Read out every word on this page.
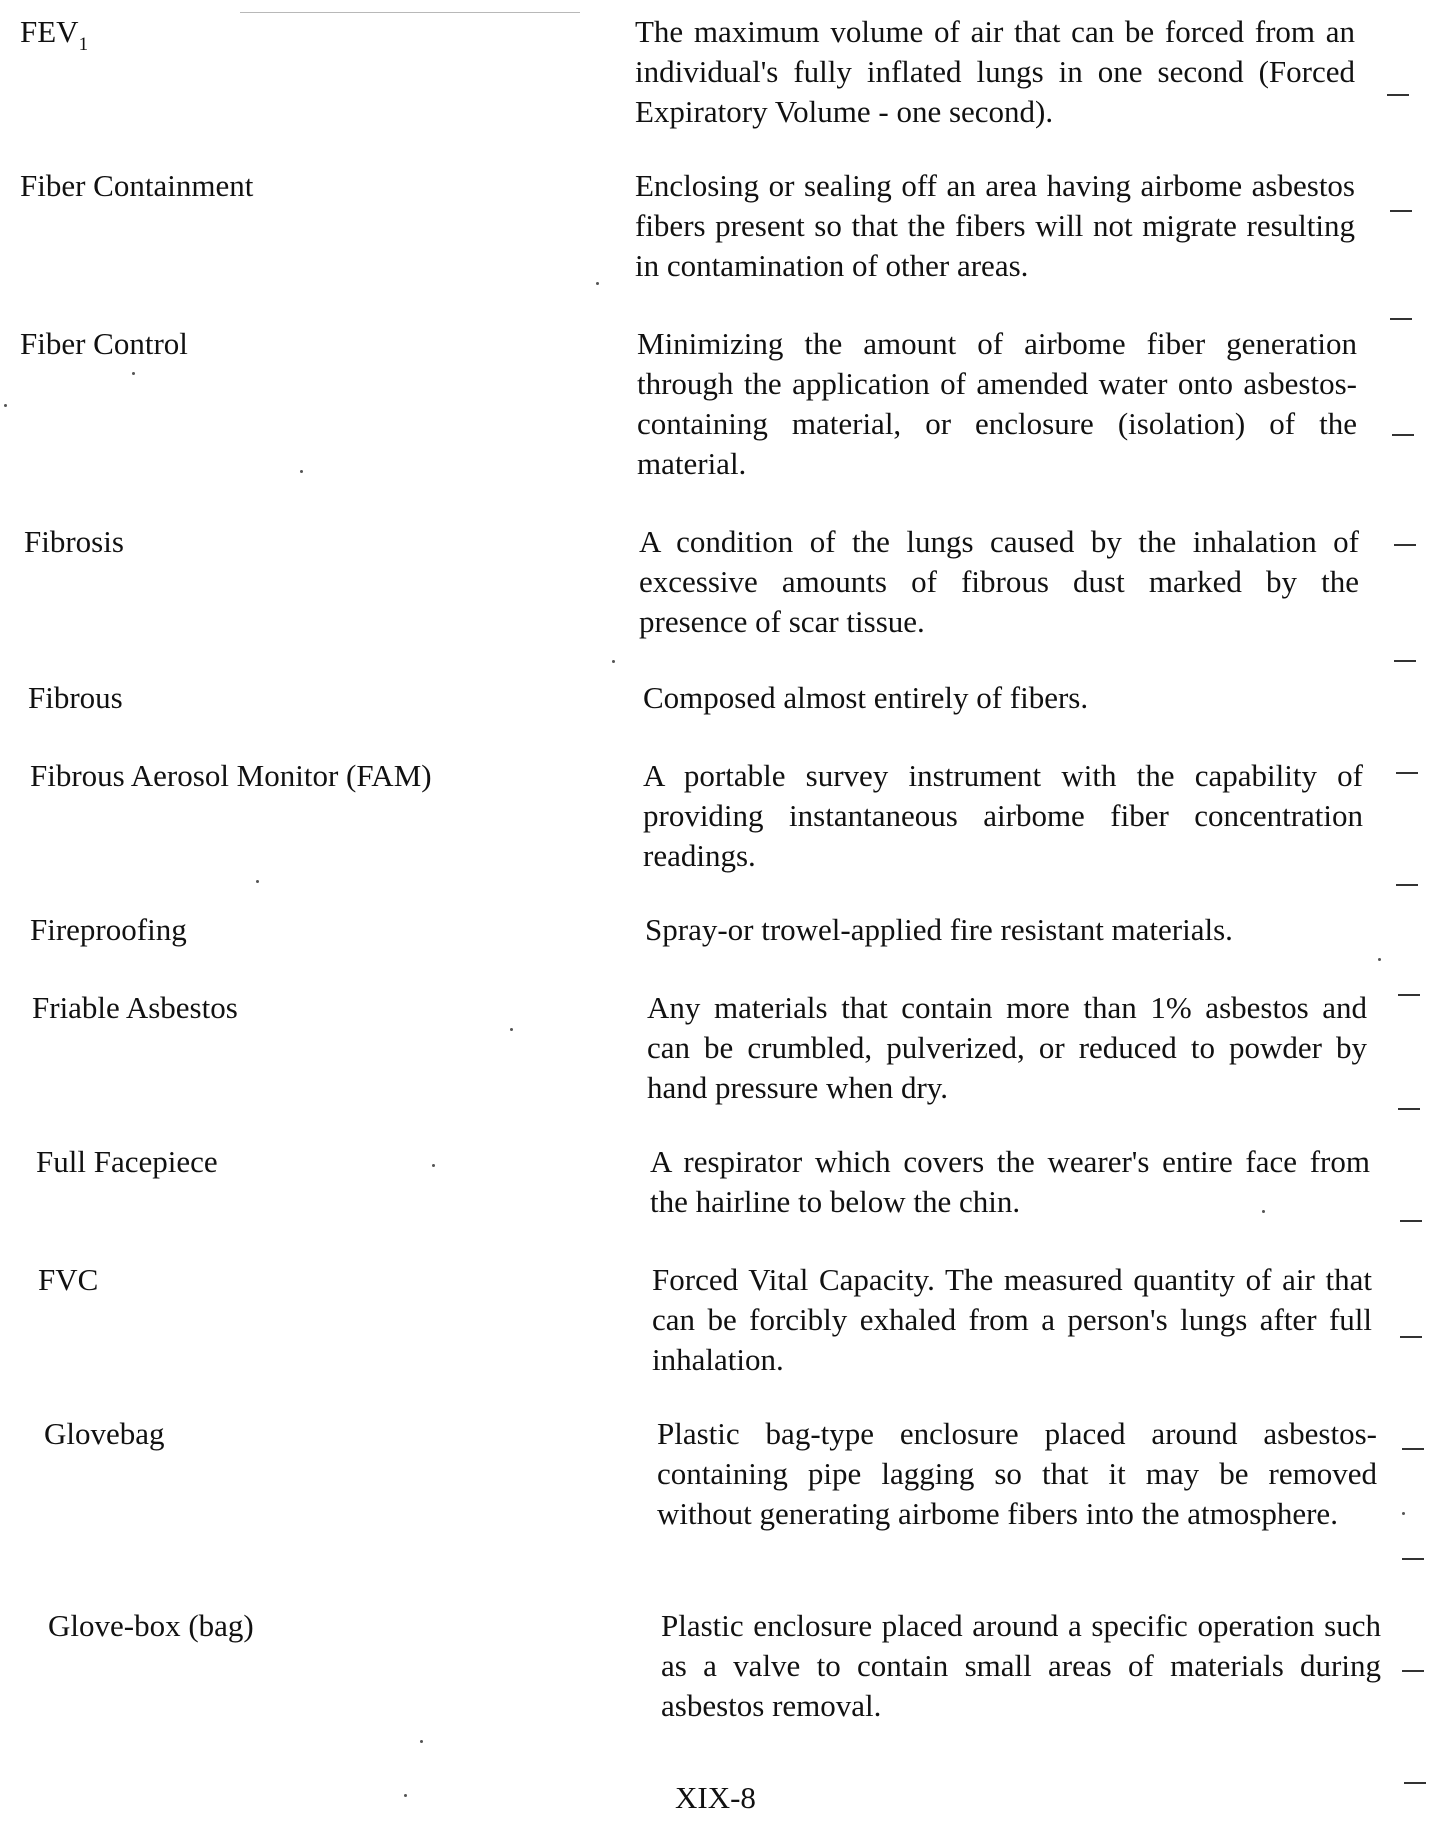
$FEV_1$	The maximum volume of air that can be forced from an individual's fully inflated lungs in one second (Forced Expiratory Volume - one second).
Fiber Containment	Enclosing or sealing off an area having airbome asbestos fibers present so that the fibers will not migrate resulting in contamination of other areas.
Fiber Control	Minimizing the amount of airbome fiber generation through the application of amended water onto asbestos-containing material, or enclosure (isolation) of the material.
Fibrosis	A condition of the lungs caused by the inhalation of excessive amounts of fibrous dust marked by the presence of scar tissue.
Fibrous	Composed almost entirely of fibers.
Fibrous Aerosol Monitor (FAM)	A portable survey instrument with the capability of providing instantaneous airbome fiber concentration readings.
Fireproofing	Spray-or trowel-applied fire resistant materials.
Friable Asbestos	Any materials that contain more than 1% asbestos and can be crumbled, pulverized, or reduced to powder by hand pressure when dry.
Full Facepiece	A respirator which covers the wearer's entire face from the hairline to below the chin.
FVC	Forced Vital Capacity. The measured quantity of air that can be forcibly exhaled from a person's lungs after full inhalation.
Glovebag	Plastic bag-type enclosure placed around asbestos-containing pipe lagging so that it may be removed without generating airbome fibers into the atmosphere.
Glove-box (bag)	Plastic enclosure placed around a specific operation such as a valve to contain small areas of materials during asbestos removal.
XIX-8
